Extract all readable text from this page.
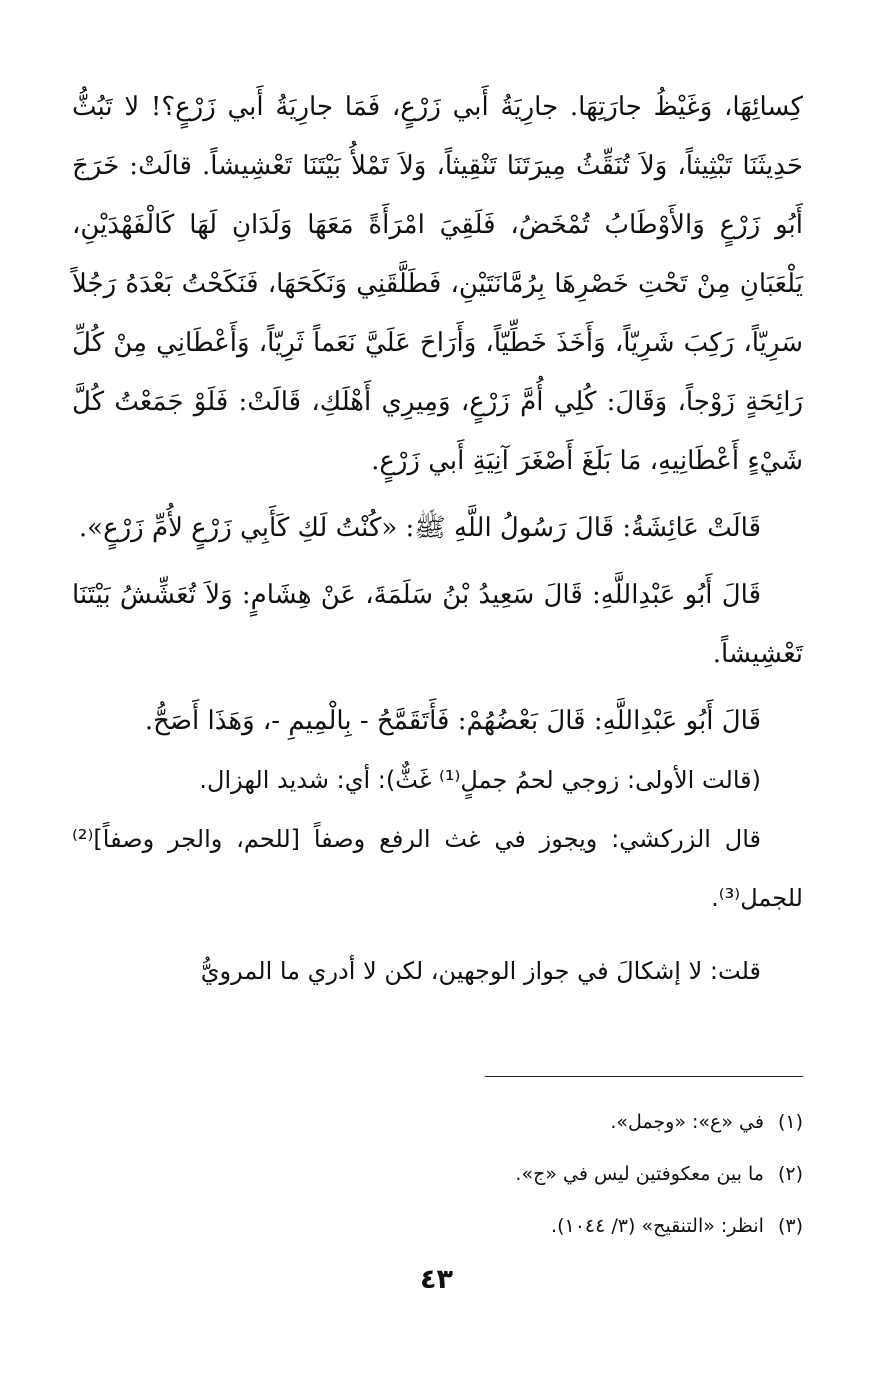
كِسائِهَا، وَغَيْظُ جارَتِهَا. جارِيَةُ أَبي زَرْعٍ، فَمَا جارِيَةُ أَبي زَرْعٍ؟! لا تَبُثُّ حَدِيثَنَا تَبْثِيثاً، وَلاَ تُنَقِّثُ مِيرَتَنَا تَنْقِيثاً، وَلاَ تَمْلأُ بَيْتَنَا تَعْشِيشاً. قالَتْ: خَرَجَ أَبُو زَرْعٍ وَالأَوْطَابُ تُمْخَضُ، فَلَقِيَ امْرَأَةً مَعَهَا وَلَدَانِ لَهَا كَالْفَهْدَيْنِ، يَلْعَبَانِ مِنْ تَحْتِ خَصْرِهَا بِرُمَّانَتَيْنِ، فَطَلَّقَنِي وَنَكَحَهَا، فَنَكَحْتُ بَعْدَهُ رَجُلاً سَرِيّاً، رَكِبَ شَرِيّاً، وَأَخَذَ خَطِّيّاً، وَأَرَاحَ عَلَيَّ نَعَماً ثَرِيّاً، وَأَعْطَانِي مِنْ كُلِّ رَائِحَةٍ زَوْجاً، وَقَالَ: كُلِي أُمَّ زَرْعٍ، وَمِيرِي أَهْلَكِ، قَالَتْ: فَلَوْ جَمَعْتُ كُلَّ شَيْءٍ أَعْطَانِيهِ، مَا بَلَغَ أَصْغَرَ آنِيَةِ أَبي زَرْعٍ.

قَالَتْ عَائِشَةُ: قَالَ رَسُولُ اللَّهِ ﷺ: «كُنْتُ لَكِ كَأَبِي زَرْعٍ لأُمِّ زَرْعٍ».

قَالَ أَبُو عَبْدِاللَّهِ: قَالَ سَعِيدُ بْنُ سَلَمَةَ، عَنْ هِشَامٍ: وَلاَ تُعَشِّشُ بَيْتَنَا تَعْشِيشاً.

قَالَ أَبُو عَبْدِاللَّهِ: قَالَ بَعْضُهُمْ: فَأَتَقَمَّحُ - بِالْمِيمِ -، وَهَذَا أَصَحُّ.

(قالت الأولى: زوجي لحمُ جملٍ⁽¹⁾ غَثٌّ): أي: شديد الهزال.

قال الزركشي: ويجوز في غث الرفع وصفاً [للحم، والجر وصفاً]⁽²⁾ للجمل⁽³⁾.

قلت: لا إشكالَ في جواز الوجهين، لكن لا أدري ما المرويُّ

(١)في «ع»: «وجمل».

(٢)ما بين معكوفتين ليس في «ج».

(٣)انظر: «التنقيح» (٣/ ١٠٤٤).

٤٣
